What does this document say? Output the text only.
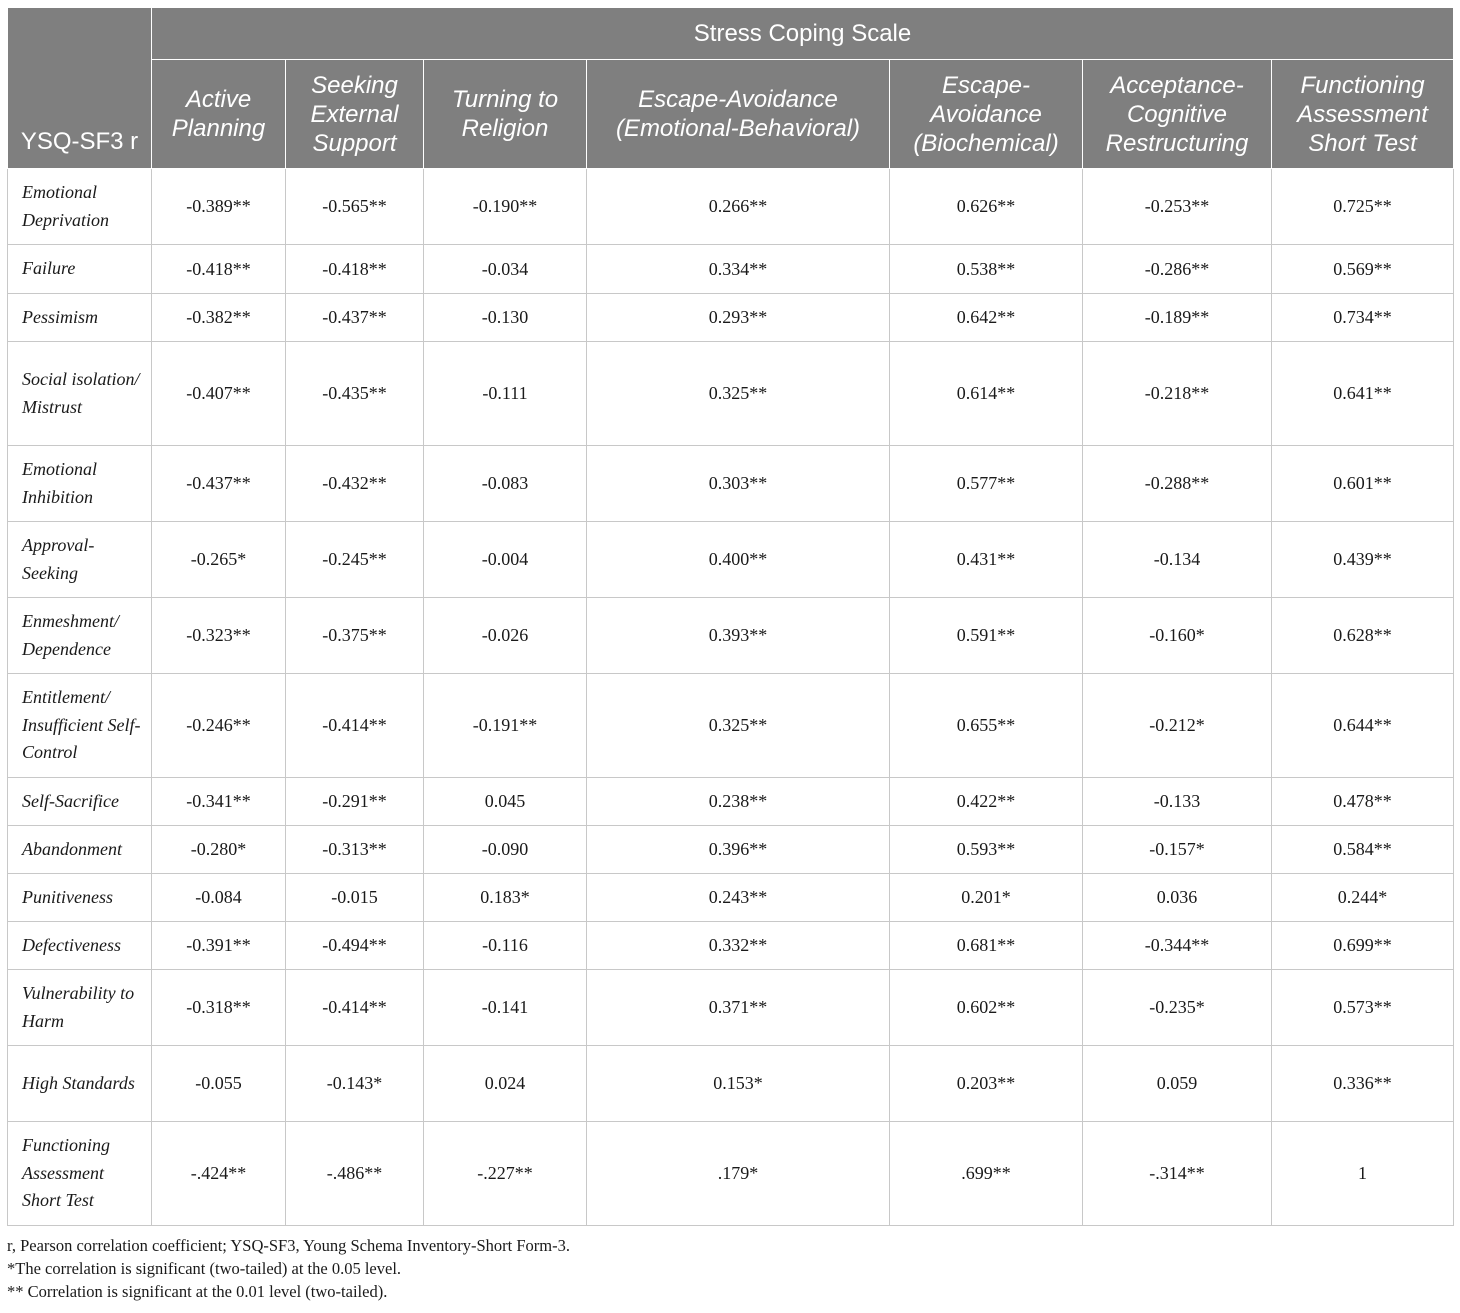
YSQ-SF3 r	Stress Coping Scale						
	Active Planning	Seeking External Support	Turning to Religion	Escape-Avoidance (Emotional-Behavioral)	Escape-Avoidance (Biochemical)	Acceptance-Cognitive Restructuring	Functioning Assessment Short Test
Emotional Deprivation	-0.389**	-0.565**	-0.190**	0.266**	0.626**	-0.253**	0.725**
Failure	-0.418**	-0.418**	-0.034	0.334**	0.538**	-0.286**	0.569**
Pessimism	-0.382**	-0.437**	-0.130	0.293**	0.642**	-0.189**	0.734**
Social isolation/ Mistrust	-0.407**	-0.435**	-0.111	0.325**	0.614**	-0.218**	0.641**
Emotional Inhibition	-0.437**	-0.432**	-0.083	0.303**	0.577**	-0.288**	0.601**
Approval-Seeking	-0.265*	-0.245**	-0.004	0.400**	0.431**	-0.134	0.439**
Enmeshment/ Dependence	-0.323**	-0.375**	-0.026	0.393**	0.591**	-0.160*	0.628**
Entitlement/ Insufficient Self-Control	-0.246**	-0.414**	-0.191**	0.325**	0.655**	-0.212*	0.644**
Self-Sacrifice	-0.341**	-0.291**	0.045	0.238**	0.422**	-0.133	0.478**
Abandonment	-0.280*	-0.313**	-0.090	0.396**	0.593**	-0.157*	0.584**
Punitiveness	-0.084	-0.015	0.183*	0.243**	0.201*	0.036	0.244*
Defectiveness	-0.391**	-0.494**	-0.116	0.332**	0.681**	-0.344**	0.699**
Vulnerability to Harm	-0.318**	-0.414**	-0.141	0.371**	0.602**	-0.235*	0.573**
High Standards	-0.055	-0.143*	0.024	0.153*	0.203**	0.059	0.336**
Functioning Assessment Short Test	-.424**	-.486**	-.227**	.179*	.699**	-.314**	1
r, Pearson correlation coefficient; YSQ-SF3, Young Schema Inventory-Short Form-3.
*The correlation is significant (two-tailed) at the 0.05 level.
** Correlation is significant at the 0.01 level (two-tailed).
